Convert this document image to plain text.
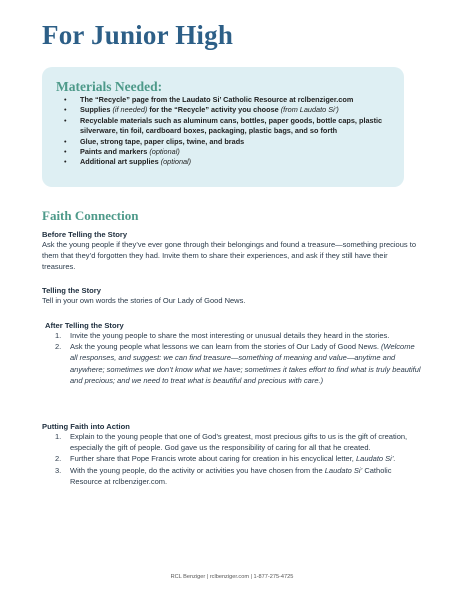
For Junior High
Materials Needed:
• The “Recycle” page from the Laudato Si’ Catholic Resource at rclbenziger.com
• Supplies (if needed) for the “Recycle” activity you choose (from Laudato Si’)
• Recyclable materials such as aluminum cans, bottles, paper goods, bottle caps, plastic silverware, tin foil, cardboard boxes, packaging, plastic bags, and so forth
• Glue, strong tape, paper clips, twine, and brads
• Paints and markers (optional)
• Additional art supplies (optional)
Faith Connection
Before Telling the Story
Ask the young people if they’ve ever gone through their belongings and found a treasure—something precious to them that they’d forgotten they had. Invite them to share their experiences, and ask if they still have their treasures.
Telling the Story
Tell in your own words the stories of Our Lady of Good News.
After Telling the Story
1. Invite the young people to share the most interesting or unusual details they heard in the stories.
2. Ask the young people what lessons we can learn from the stories of Our Lady of Good News. (Welcome all responses, and suggest: we can find treasure—something of meaning and value—anytime and anywhere; sometimes we don’t know what we have; sometimes it takes effort to find what is truly beautiful and precious; and we need to treat what is beautiful and precious with care.)
Putting Faith into Action
1. Explain to the young people that one of God’s greatest, most precious gifts to us is the gift of creation, especially the gift of people. God gave us the responsibility of caring for all that he created.
2. Further share that Pope Francis wrote about caring for creation in his encyclical letter, Laudato Si’.
3. With the young people, do the activity or activities you have chosen from the Laudato Si’ Catholic Resource at rclbenziger.com.
RCL Benziger | rclbenziger.com | 1-877-275-4725
